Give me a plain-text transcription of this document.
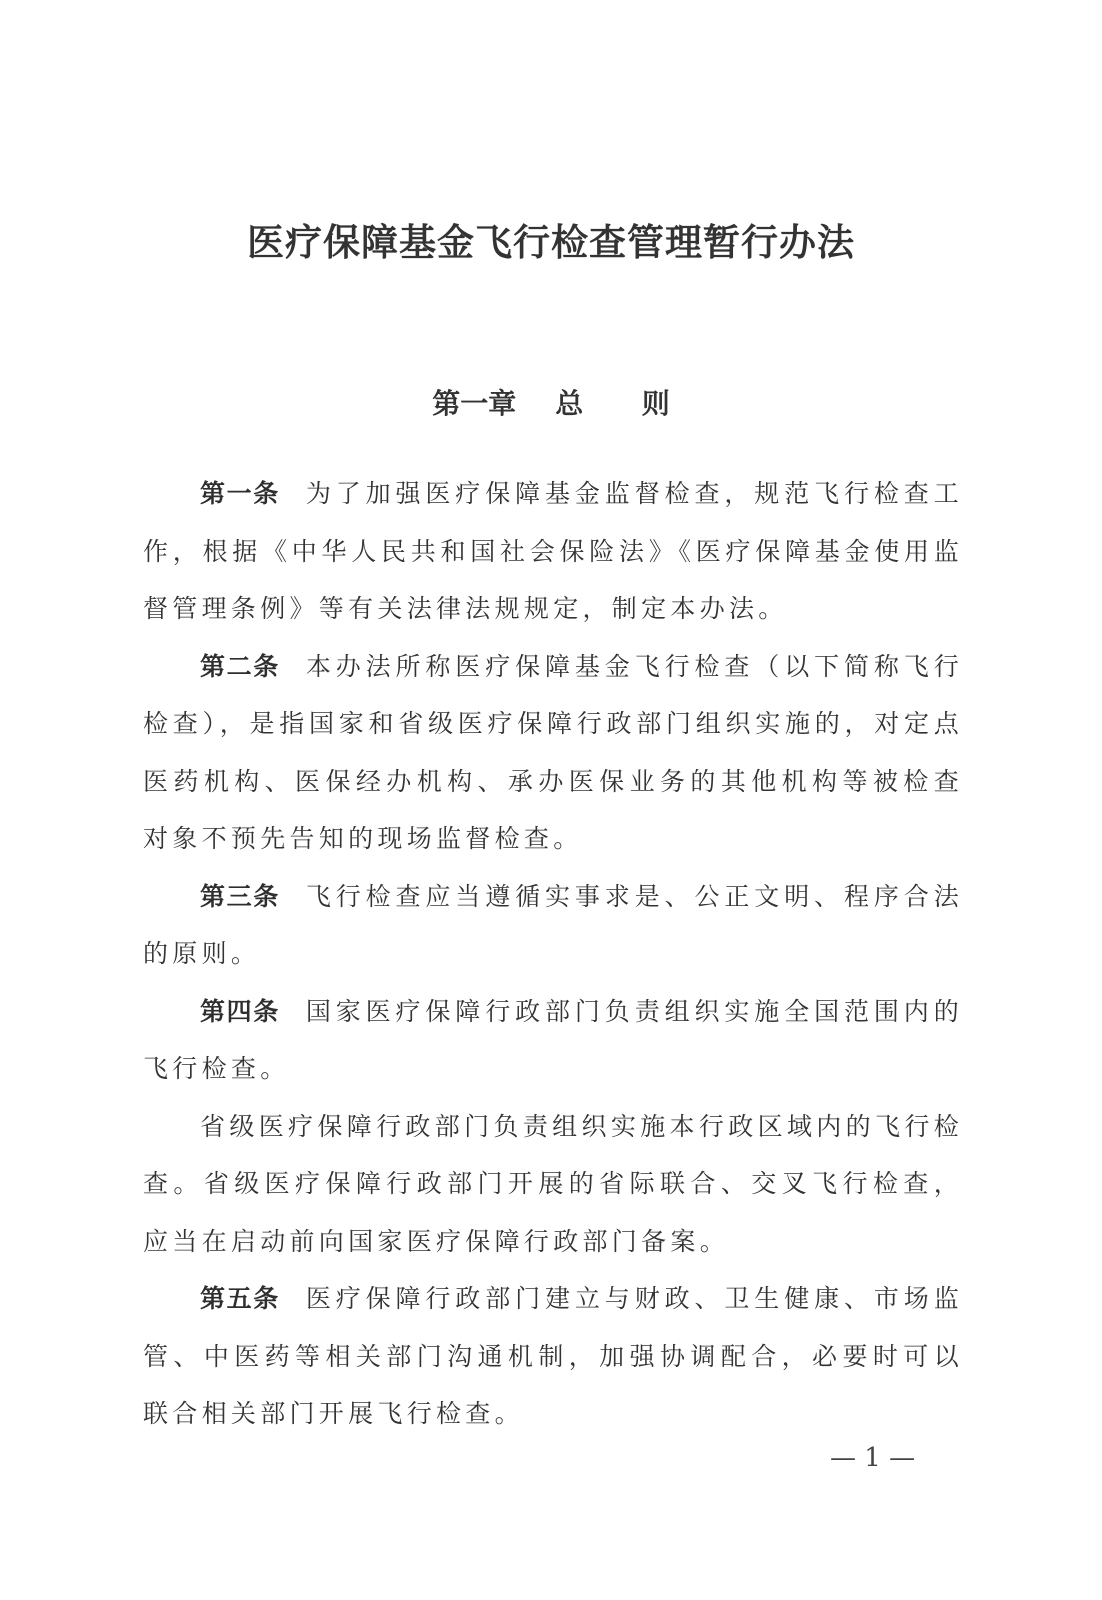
医疗保障基金飞行检查管理暂行办法
第一章    总      则

第一条 为了加强医疗保障基金监督检查，规范飞行检查工作，根据《中华人民共和国社会保险法》《医疗保障基金使用监督管理条例》等有关法律法规规定，制定本办法。

第二条 本办法所称医疗保障基金飞行检查（以下简称飞行检查），是指国家和省级医疗保障行政部门组织实施的，对定点医药机构、医保经办机构、承办医保业务的其他机构等被检查对象不预先告知的现场监督检查。

第三条 飞行检查应当遵循实事求是、公正文明、程序合法的原则。

第四条 国家医疗保障行政部门负责组织实施全国范围内的飞行检查。

省级医疗保障行政部门负责组织实施本行政区域内的飞行检查。省级医疗保障行政部门开展的省际联合、交叉飞行检查，应当在启动前向国家医疗保障行政部门备案。

第五条 医疗保障行政部门建立与财政、卫生健康、市场监管、中医药等相关部门沟通机制，加强协调配合，必要时可以联合相关部门开展飞行检查。

— 1 —
